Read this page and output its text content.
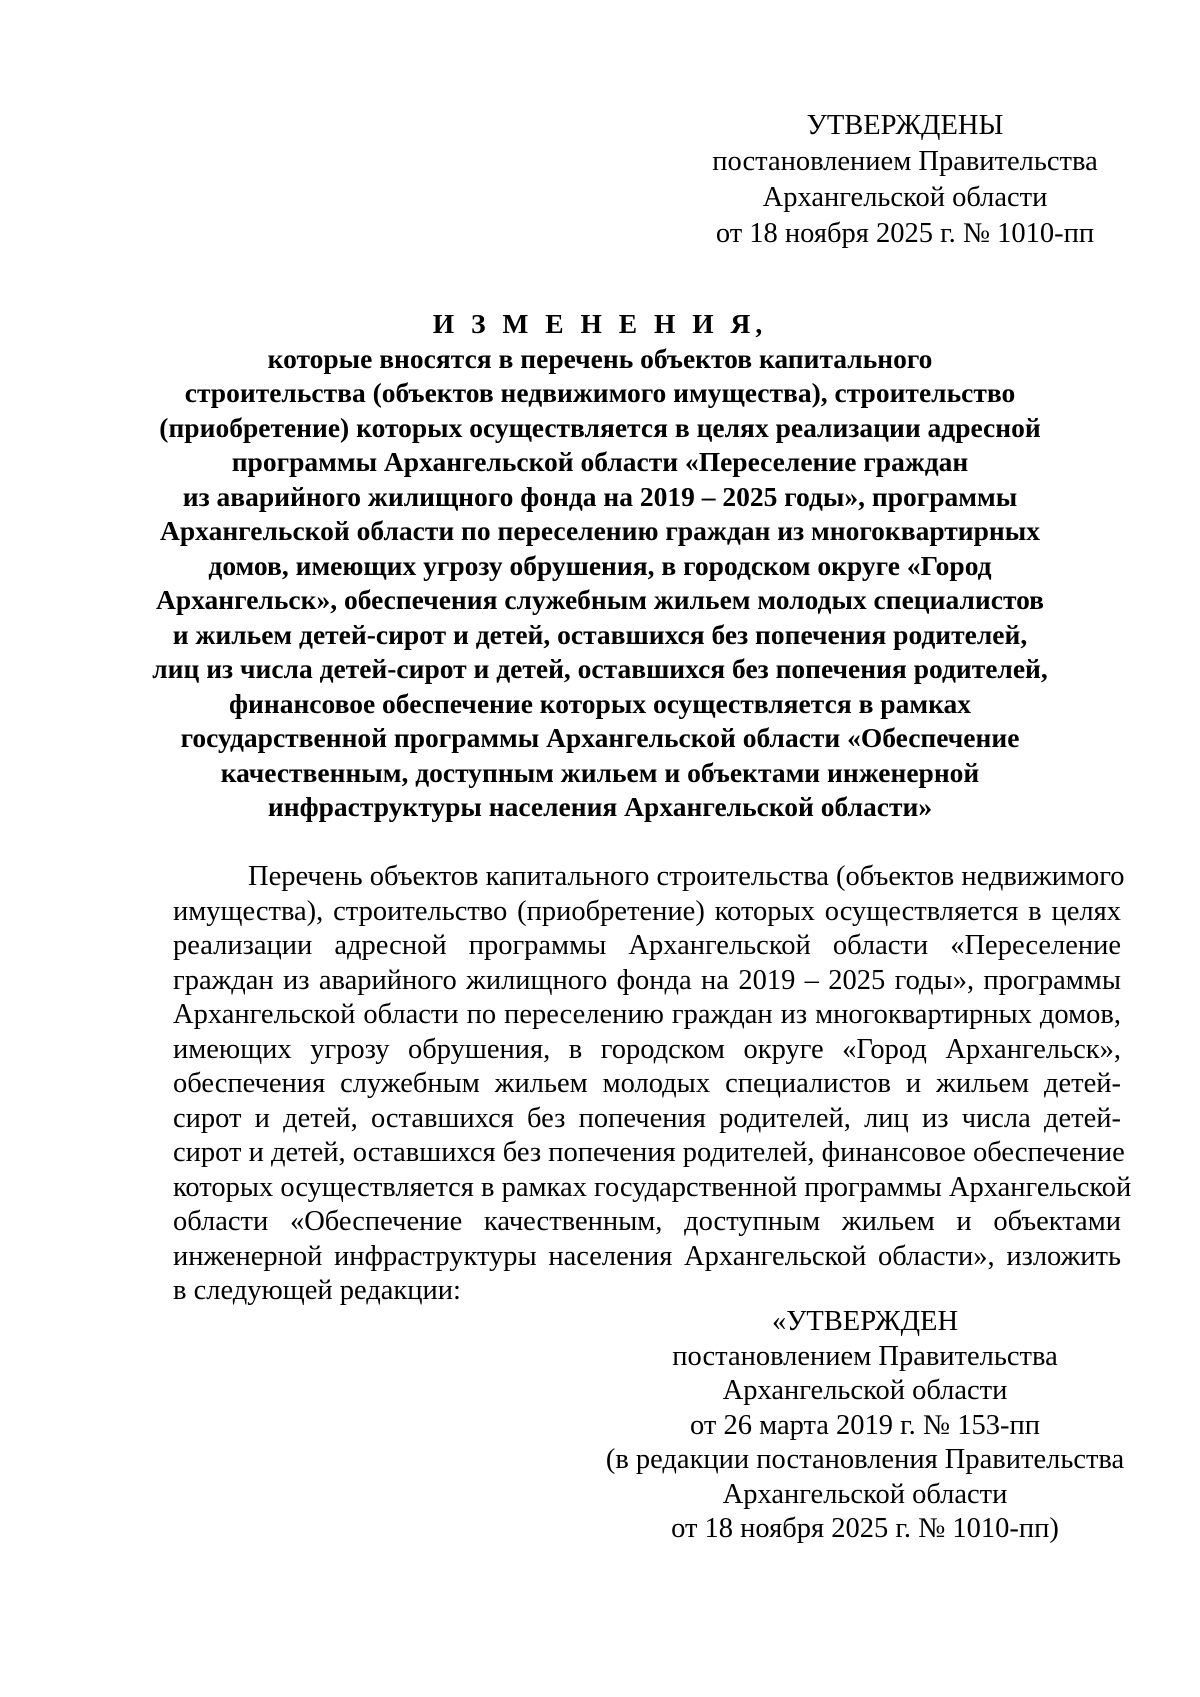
УТВЕРЖДЕНЫ
постановлением Правительства
Архангельской области
от 18 ноября 2025 г. № 1010-пп
И З М Е Н Е Н И Я,
которые вносятся в перечень объектов капитального
строительства (объектов недвижимого имущества), строительство
(приобретение) которых осуществляется в целях реализации адресной
программы Архангельской области «Переселение граждан
из аварийного жилищного фонда на 2019 – 2025 годы», программы
Архангельской области по переселению граждан из многоквартирных
домов, имеющих угрозу обрушения, в городском округе «Город
Архангельск», обеспечения служебным жильем молодых специалистов
и жильем детей-сирот и детей, оставшихся без попечения родителей,
лиц из числа детей-сирот и детей, оставшихся без попечения родителей,
финансовое обеспечение которых осуществляется в рамках
государственной программы Архангельской области «Обеспечение
качественным, доступным жильем и объектами инженерной
инфраструктуры населения Архангельской области»
Перечень объектов капитального строительства (объектов недвижимого
имущества), строительство (приобретение) которых осуществляется в целях
реализации адресной программы Архангельской области «Переселение
граждан из аварийного жилищного фонда на 2019 – 2025 годы», программы
Архангельской области по переселению граждан из многоквартирных домов,
имеющих угрозу обрушения, в городском округе «Город Архангельск»,
обеспечения служебным жильем молодых специалистов и жильем детей-
сирот и детей, оставшихся без попечения родителей, лиц из числа детей-
сирот и детей, оставшихся без попечения родителей, финансовое обеспечение
которых осуществляется в рамках государственной программы Архангельской
области «Обеспечение качественным, доступным жильем и объектами
инженерной инфраструктуры населения Архангельской области», изложить
в следующей редакции:
«УТВЕРЖДЕН
постановлением Правительства
Архангельской области
от 26 марта 2019 г. № 153-пп
(в редакции постановления Правительства
Архангельской области
от 18 ноября 2025 г. № 1010-пп)
